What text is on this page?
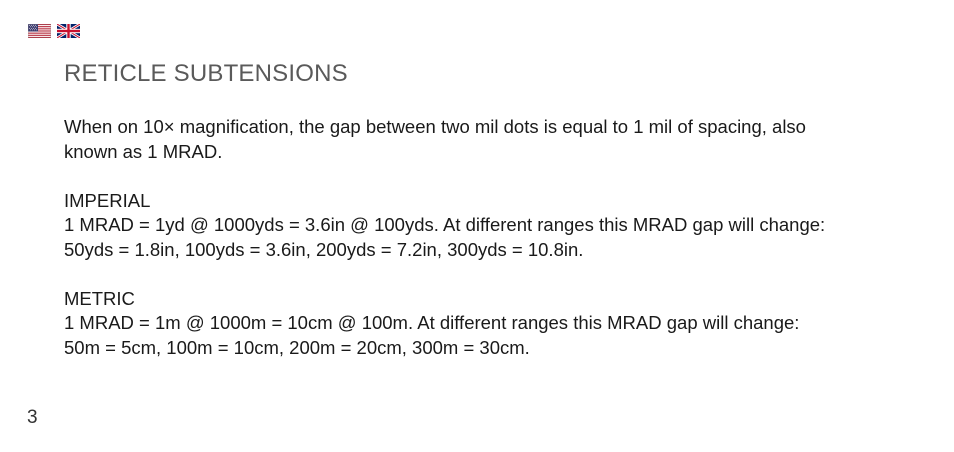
RETICLE SUBTENSIONS

When on 10× magnification, the gap between two mil dots is equal to 1 mil of spacing, also

known as 1 MRAD.

IMPERIAL

1 MRAD = 1yd @ 1000yds = 3.6in @ 100yds. At different ranges this MRAD gap will change:

50yds = 1.8in, 100yds = 3.6in, 200yds = 7.2in, 300yds = 10.8in.

METRIC

1 MRAD = 1m @ 1000m = 10cm @ 100m. At different ranges this MRAD gap will change:

50m = 5cm, 100m = 10cm, 200m = 20cm, 300m = 30cm.

3
